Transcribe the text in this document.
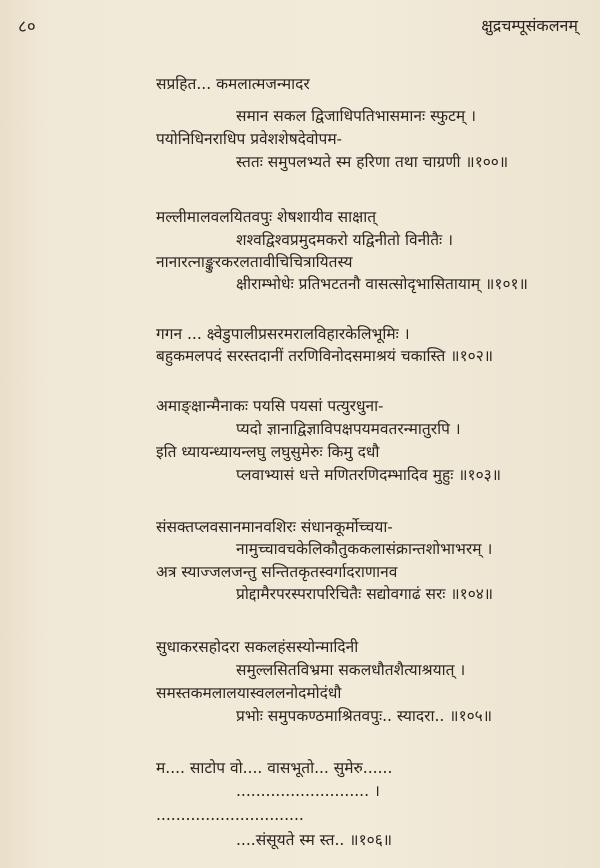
८०	क्षुद्रचम्पूसंकलनम्
सप्रहित... कमलात्मजन्मादर
समान सकल द्विजाधिपतिभासमानः स्फुटम् ।
पयोनिधिनराधिप प्रवेशशेषदेवोपम-
स्ततः समुपलभ्यते स्म हरिणा तथा चाग्रणी ॥१००॥
मल्लीमालवलयितवपुः शेषशायीव साक्षात्
शश्वद्विश्वप्रमुदमकरो यद्विनीतो विनीतैः ।
नानारत्नाङ्कुरकरलतावीचिचित्रायितस्य
क्षीराम्भोधेः प्रतिभटतनौ वासत्सोदृभासितायाम् ॥१०१॥
गगन ... क्ष्वेडुपालीप्रसरमरालविहारकेलिभूमिः ।
बहुकमलपदं सरस्तदानीं तरणिविनोदसमाश्रयं चकास्ति ॥१०२॥
अमाङ्क्षान्मैनाकः पयसि पयसां पत्युरधुना-
प्यदो ज्ञानाद्विज्ञाविपक्षपयमवतरन्मातुरपि ।
इति ध्यायन्ध्यायन्लघु लघुसुमेरुः किमु दधौ
प्लवाभ्यासं धत्ते मणितरणिदम्भादिव मुहुः ॥१०३॥
संसक्तप्लवसानमानवशिरः संधानकूर्मोच्चया-
नामुच्चावचकेलिकौतुककलासंक्रान्तशोभाभरम् ।
अत्र स्याज्जलजन्तु सन्तितकृतस्वर्गादराणानव
प्रोद्दामैरपरस्परापरिचितैः सद्योवगाढं सरः ॥१०४॥
सुधाकरसहोदरा सकलहंसस्योन्मादिनी
समुल्लसितविभ्रमा सकलधौतशैत्याश्रयात् ।
समस्तकमलालयास्वललनोदमोदंधौ
प्रभोः समुपकण्ठमाश्रितवपुः.. स्यादरा.. ॥१०५॥
म.... साटोप वो.... वासभूतो... सुमेरु......
........................... ।
..............................
....संसूयते स्म स्त.. ॥१०६॥
